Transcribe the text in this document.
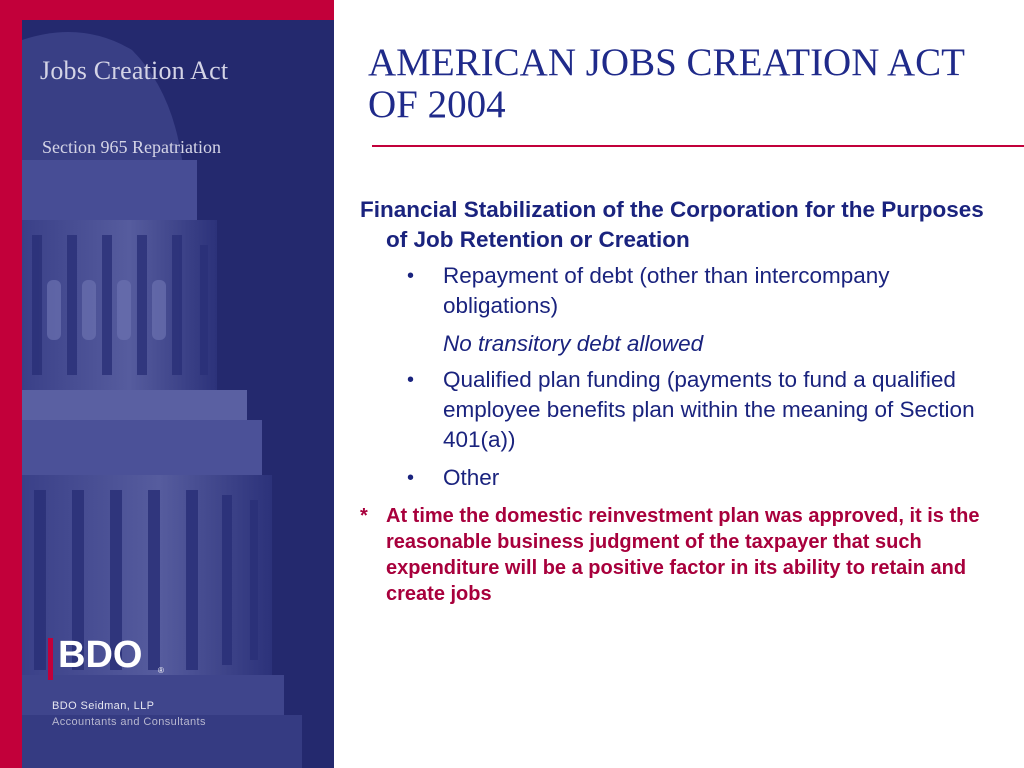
Jobs Creation Act
Section 965 Repatriation
BDO ®
BDO Seidman, LLP
Accountants and Consultants
AMERICAN JOBS CREATION ACT OF 2004

Financial Stabilization of the Corporation for the Purposes of Job Retention or Creation

• Repayment of debt (other than intercompany obligations)
No transitory debt allowed
• Qualified plan funding (payments to fund a qualified employee benefits plan within the meaning of Section 401(a))
• Other
* At time the domestic reinvestment plan was approved, it is the reasonable business judgment of the taxpayer that such expenditure will be a positive factor in its ability to retain and create jobs
